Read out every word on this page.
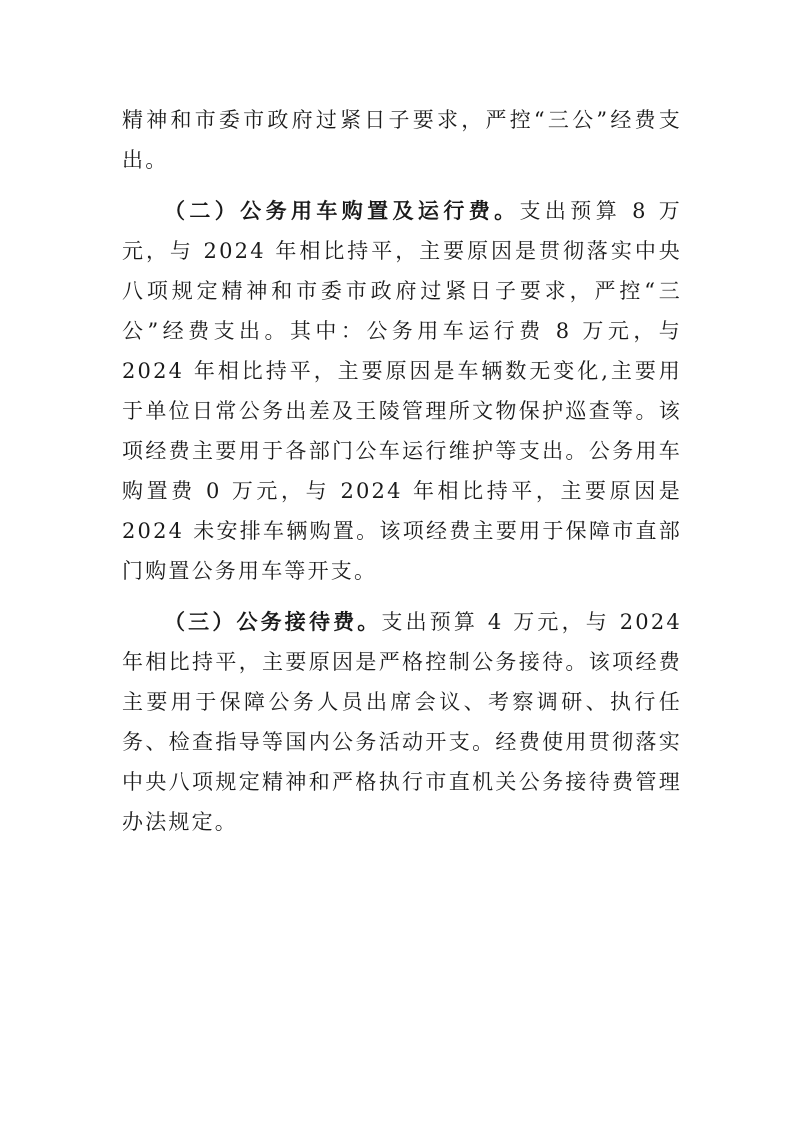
精神和市委市政府过紧日子要求，严控“三公”经费支出。

（二）公务用车购置及运行费。支出预算 8 万元，与 2024 年相比持平，主要原因是贯彻落实中央八项规定精神和市委市政府过紧日子要求，严控“三公”经费支出。其中：公务用车运行费 8 万元，与 2024 年相比持平，主要原因是车辆数无变化,主要用于单位日常公务出差及王陵管理所文物保护巡查等。该项经费主要用于各部门公车运行维护等支出。公务用车购置费 0 万元，与 2024 年相比持平，主要原因是 2024 未安排车辆购置。该项经费主要用于保障市直部门购置公务用车等开支。

（三）公务接待费。支出预算 4 万元，与 2024 年相比持平，主要原因是严格控制公务接待。该项经费主要用于保障公务人员出席会议、考察调研、执行任务、检查指导等国内公务活动开支。经费使用贯彻落实中央八项规定精神和严格执行市直机关公务接待费管理办法规定。
